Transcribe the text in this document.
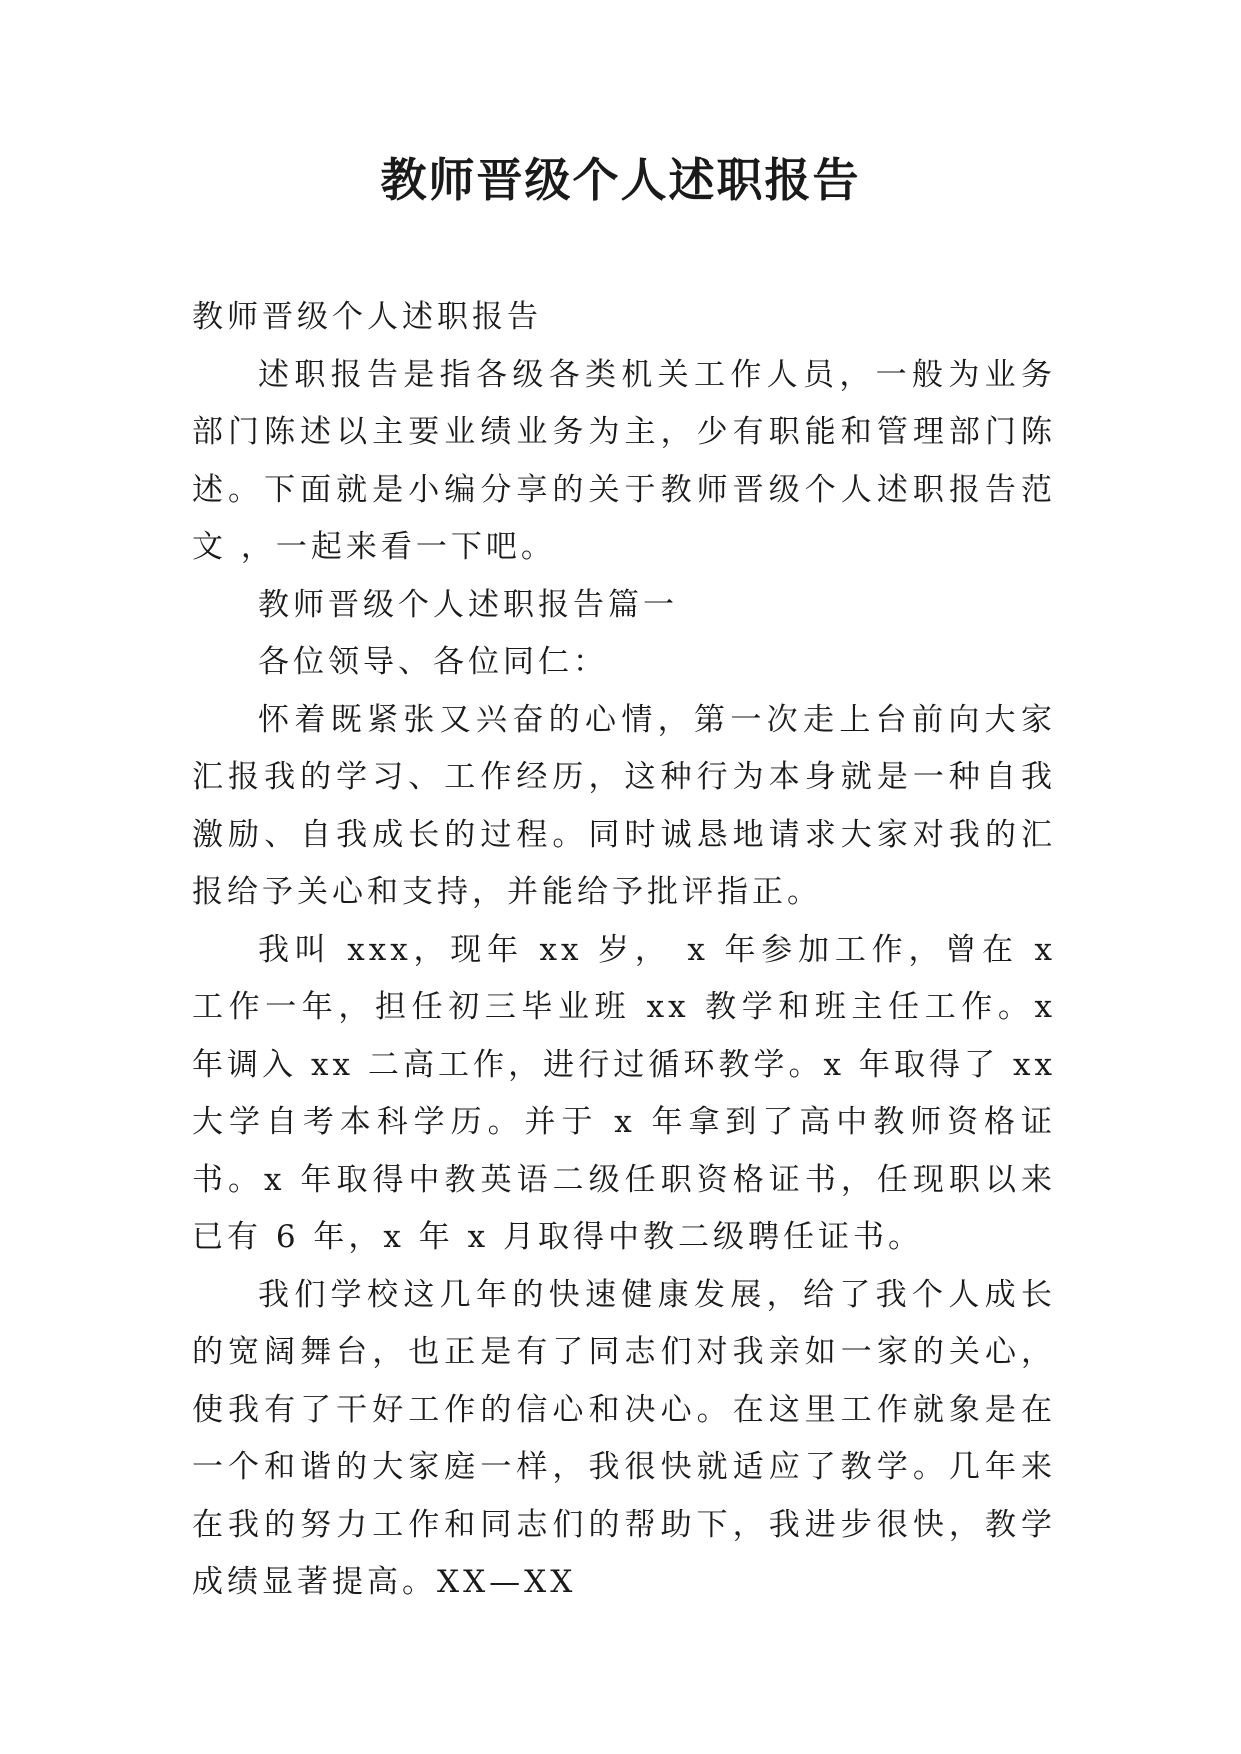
教师晋级个人述职报告

教师晋级个人述职报告

述职报告是指各级各类机关工作人员，一般为业务部门陈述以主要业绩业务为主，少有职能和管理部门陈述。下面就是小编分享的关于教师晋级个人述职报告范文 ，一起来看一下吧。

教师晋级个人述职报告篇一

各位领导、各位同仁：

怀着既紧张又兴奋的心情，第一次走上台前向大家汇报我的学习、工作经历，这种行为本身就是一种自我激励、自我成长的过程。同时诚恳地请求大家对我的汇报给予关心和支持，并能给予批评指正。

我叫 xxx，现年 xx 岁， x 年参加工作，曾在 x 工作一年，担任初三毕业班 xx 教学和班主任工作。x 年调入 xx 二高工作，进行过循环教学。x 年取得了 xx 大学自考本科学历。并于 x 年拿到了高中教师资格证书。x 年取得中教英语二级任职资格证书，任现职以来已有 6 年，x 年 x 月取得中教二级聘任证书。

我们学校这几年的快速健康发展，给了我个人成长的宽阔舞台，也正是有了同志们对我亲如一家的关心，使我有了干好工作的信心和决心。在这里工作就象是在一个和谐的大家庭一样，我很快就适应了教学。几年来在我的努力工作和同志们的帮助下，我进步很快，教学成绩显著提高。XX—XX
